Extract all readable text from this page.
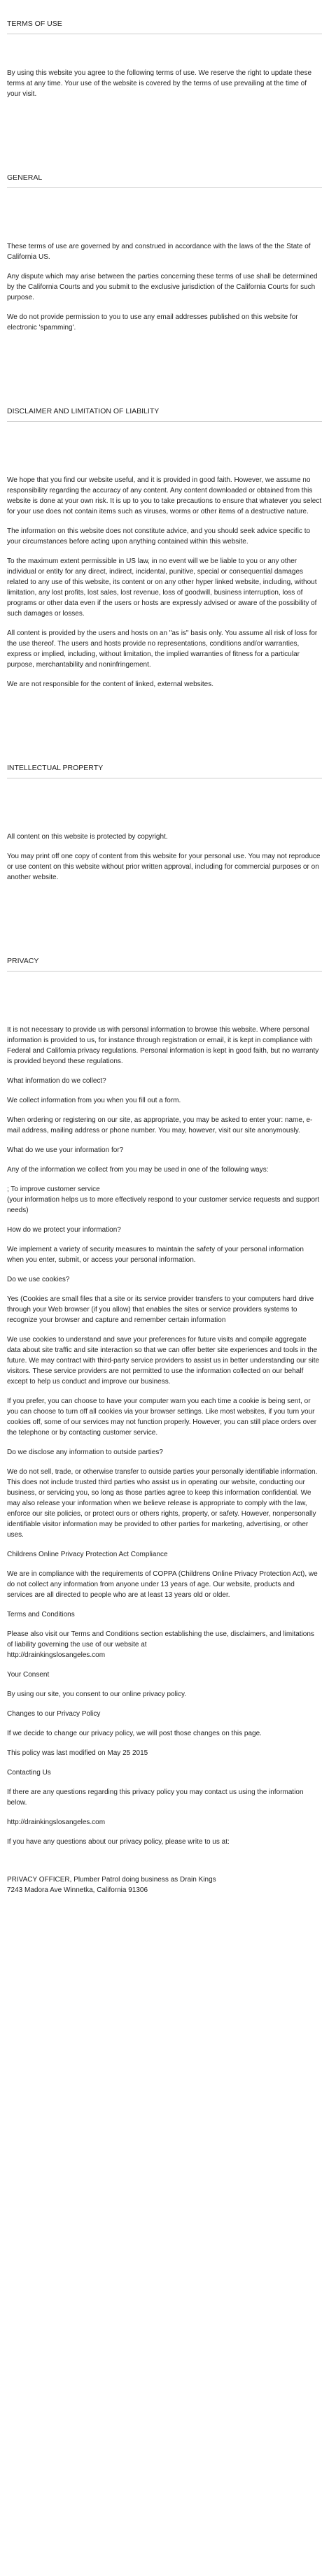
TERMS OF USE

By using this website you agree to the following terms of use. We reserve the right to update these terms at any time. Your use of the website is covered by the terms of use prevailing at the time of your visit.

GENERAL

These terms of use are governed by and construed in accordance with the laws of the the State of California US.

Any dispute which may arise between the parties concerning these terms of use shall be determined by the California Courts and you submit to the exclusive jurisdiction of the California Courts for such purpose.

We do not provide permission to you to use any email addresses published on this website for electronic 'spamming'.

DISCLAIMER AND LIMITATION OF LIABILITY

We hope that you find our website useful, and it is provided in good faith. However, we assume no responsibility regarding the accuracy of any content. Any content downloaded or obtained from this website is done at your own risk. It is up to you to take precautions to ensure that whatever you select for your use does not contain items such as viruses, worms or other items of a destructive nature.

The information on this website does not constitute advice, and you should seek advice specific to your circumstances before acting upon anything contained within this website.

To the maximum extent permissible in US law, in no event will we be liable to you or any other individual or entity for any direct, indirect, incidental, punitive, special or consequential damages related to any use of this website, its content or on any other hyper linked website, including, without limitation, any lost profits, lost sales, lost revenue, loss of goodwill, business interruption, loss of programs or other data even if the users or hosts are expressly advised or aware of the possibility of such damages or losses.

All content is provided by the users and hosts on an "as is" basis only. You assume all risk of loss for the use thereof. The users and hosts provide no representations, conditions and/or warranties, express or implied, including, without limitation, the implied warranties of fitness for a particular purpose, merchantability and noninfringement.

We are not responsible for the content of linked, external websites.

INTELLECTUAL PROPERTY

All content on this website is protected by copyright.

You may print off one copy of content from this website for your personal use. You may not reproduce or use content on this website without prior written approval, including for commercial purposes or on another website.

PRIVACY

It is not necessary to provide us with personal information to browse this website. Where personal information is provided to us, for instance through registration or email, it is kept in compliance with Federal and California privacy regulations. Personal information is kept in good faith, but no warranty is provided beyond these regulations.

What information do we collect?

We collect information from you when you fill out a form.

When ordering or registering on our site, as appropriate, you may be asked to enter your: name, e-mail address, mailing address or phone number. You may, however, visit our site anonymously.

What do we use your information for?

Any of the information we collect from you may be used in one of the following ways:

; To improve customer service
(your information helps us to more effectively respond to your customer service requests and support needs)

How do we protect your information?

We implement a variety of security measures to maintain the safety of your personal information when you enter, submit, or access your personal information.

Do we use cookies?

Yes (Cookies are small files that a site or its service provider transfers to your computers hard drive through your Web browser (if you allow) that enables the sites or service providers systems to recognize your browser and capture and remember certain information

We use cookies to understand and save your preferences for future visits and compile aggregate data about site traffic and site interaction so that we can offer better site experiences and tools in the future. We may contract with third-party service providers to assist us in better understanding our site visitors. These service providers are not permitted to use the information collected on our behalf except to help us conduct and improve our business.

If you prefer, you can choose to have your computer warn you each time a cookie is being sent, or you can choose to turn off all cookies via your browser settings. Like most websites, if you turn your cookies off, some of our services may not function properly. However, you can still place orders over the telephone or by contacting customer service.

Do we disclose any information to outside parties?

We do not sell, trade, or otherwise transfer to outside parties your personally identifiable information. This does not include trusted third parties who assist us in operating our website, conducting our business, or servicing you, so long as those parties agree to keep this information confidential. We may also release your information when we believe release is appropriate to comply with the law, enforce our site policies, or protect ours or others rights, property, or safety. However, nonpersonally identifiable visitor information may be provided to other parties for marketing, advertising, or other uses.

Childrens Online Privacy Protection Act Compliance

We are in compliance with the requirements of COPPA (Childrens Online Privacy Protection Act), we do not collect any information from anyone under 13 years of age. Our website, products and services are all directed to people who are at least 13 years old or older.

Terms and Conditions

Please also visit our Terms and Conditions section establishing the use, disclaimers, and limitations of liability governing the use of our website at
http://drainkingslosangeles.com

Your Consent

By using our site, you consent to our online privacy policy.

Changes to our Privacy Policy

If we decide to change our privacy policy, we will post those changes on this page.

This policy was last modified on May 25 2015

Contacting Us

If there are any questions regarding this privacy policy you may contact us using the information below.

http://drainkingslosangeles.com

If you have any questions about our privacy policy, please write to us at:

PRIVACY OFFICER, Plumber Patrol doing business as Drain Kings

7243 Madora Ave Winnetka, California 91306
